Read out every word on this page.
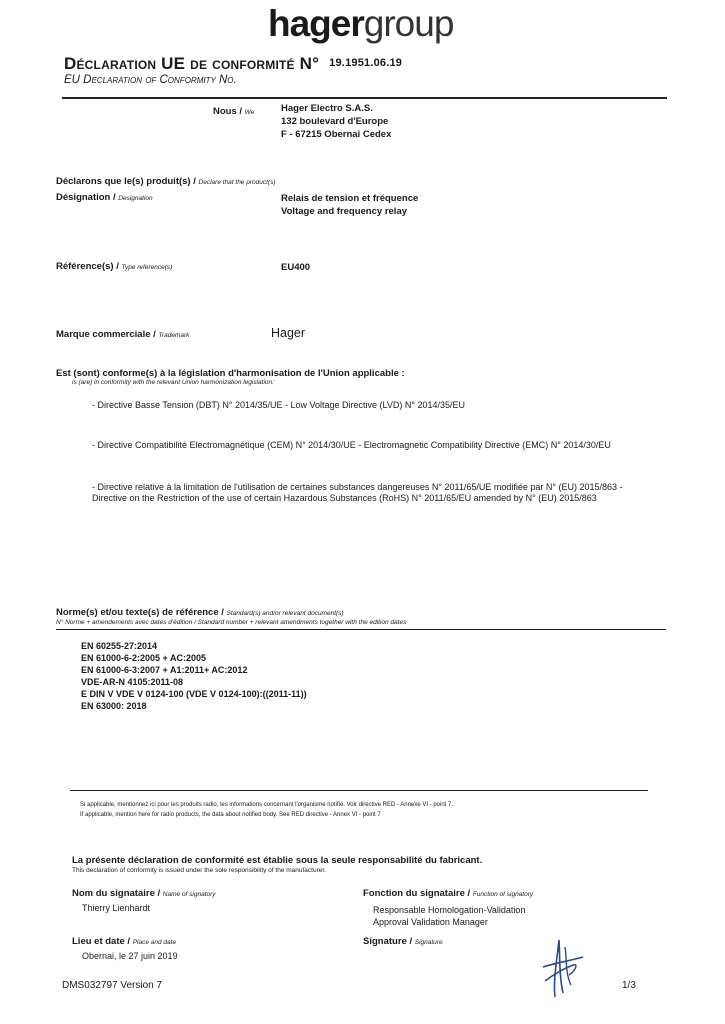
hagergroup
Déclaration UE de conformité N° 19.1951.06.19
EU Declaration of Conformity No.
Nous / We	Hager Electro S.A.S.
132 boulevard d'Europe
F - 67215 Obernai Cedex
Déclarons que le(s) produit(s) / Declare that the product(s)
Désignation / Designation	Relais de tension et fréquence
Voltage and frequency relay
Référence(s) / Type reference(s)	EU400
Marque commerciale / Trademark	Hager
Est (sont) conforme(s) à la législation d'harmonisation de l'Union applicable :
is (are) in conformity with the relevant Union harmonization legislation:
- Directive Basse Tension (DBT) N° 2014/35/UE - Low Voltage Directive (LVD) N° 2014/35/EU
- Directive Compatibilité Electromagnétique (CEM) N° 2014/30/UE - Electromagnetic Compatibility Directive (EMC) N° 2014/30/EU
- Directive relative à la limitation de l'utilisation de certaines substances dangereuses N° 2011/65/UE modifiée par N° (EU) 2015/863 -
Directive on the Restriction of the use of certain Hazardous Substances (RoHS) N° 2011/65/EU amended by N° (EU) 2015/863
Norme(s) et/ou texte(s) de référence / Standard(s) and/or relevant document(s)
N° Norme + amendements avec dates d'édition / Standard number + relevant amendments together with the edition dates
EN 60255-27:2014
EN 61000-6-2:2005 + AC:2005
EN 61000-6-3:2007 + A1:2011+ AC:2012
VDE-AR-N 4105:2011-08
E DIN V VDE V 0124-100 (VDE V 0124-100):((2011-11))
EN 63000: 2018
Si applicable, mentionnez ici pour les produits radio, les informations concernant l'organisme notifié. Voir directive RED - Annexe VI - point 7.
If applicable, mention here for radio products, the data about notified body. See RED directive - Annex VI - point 7
La présente déclaration de conformité est établie sous la seule responsabilité du fabricant.
This declaration of conformity is issued under the sole responsibility of the manufacturer.
Nom du signataire / Name of signatory
Thierry Lienhardt
Fonction du signataire / Function of signatory
Responsable Homologation-Validation
Approval Validation Manager
Lieu et date / Place and date
Obernai, le 27 juin 2019
Signature / Signature
DMS032797 Version 7	1/3
